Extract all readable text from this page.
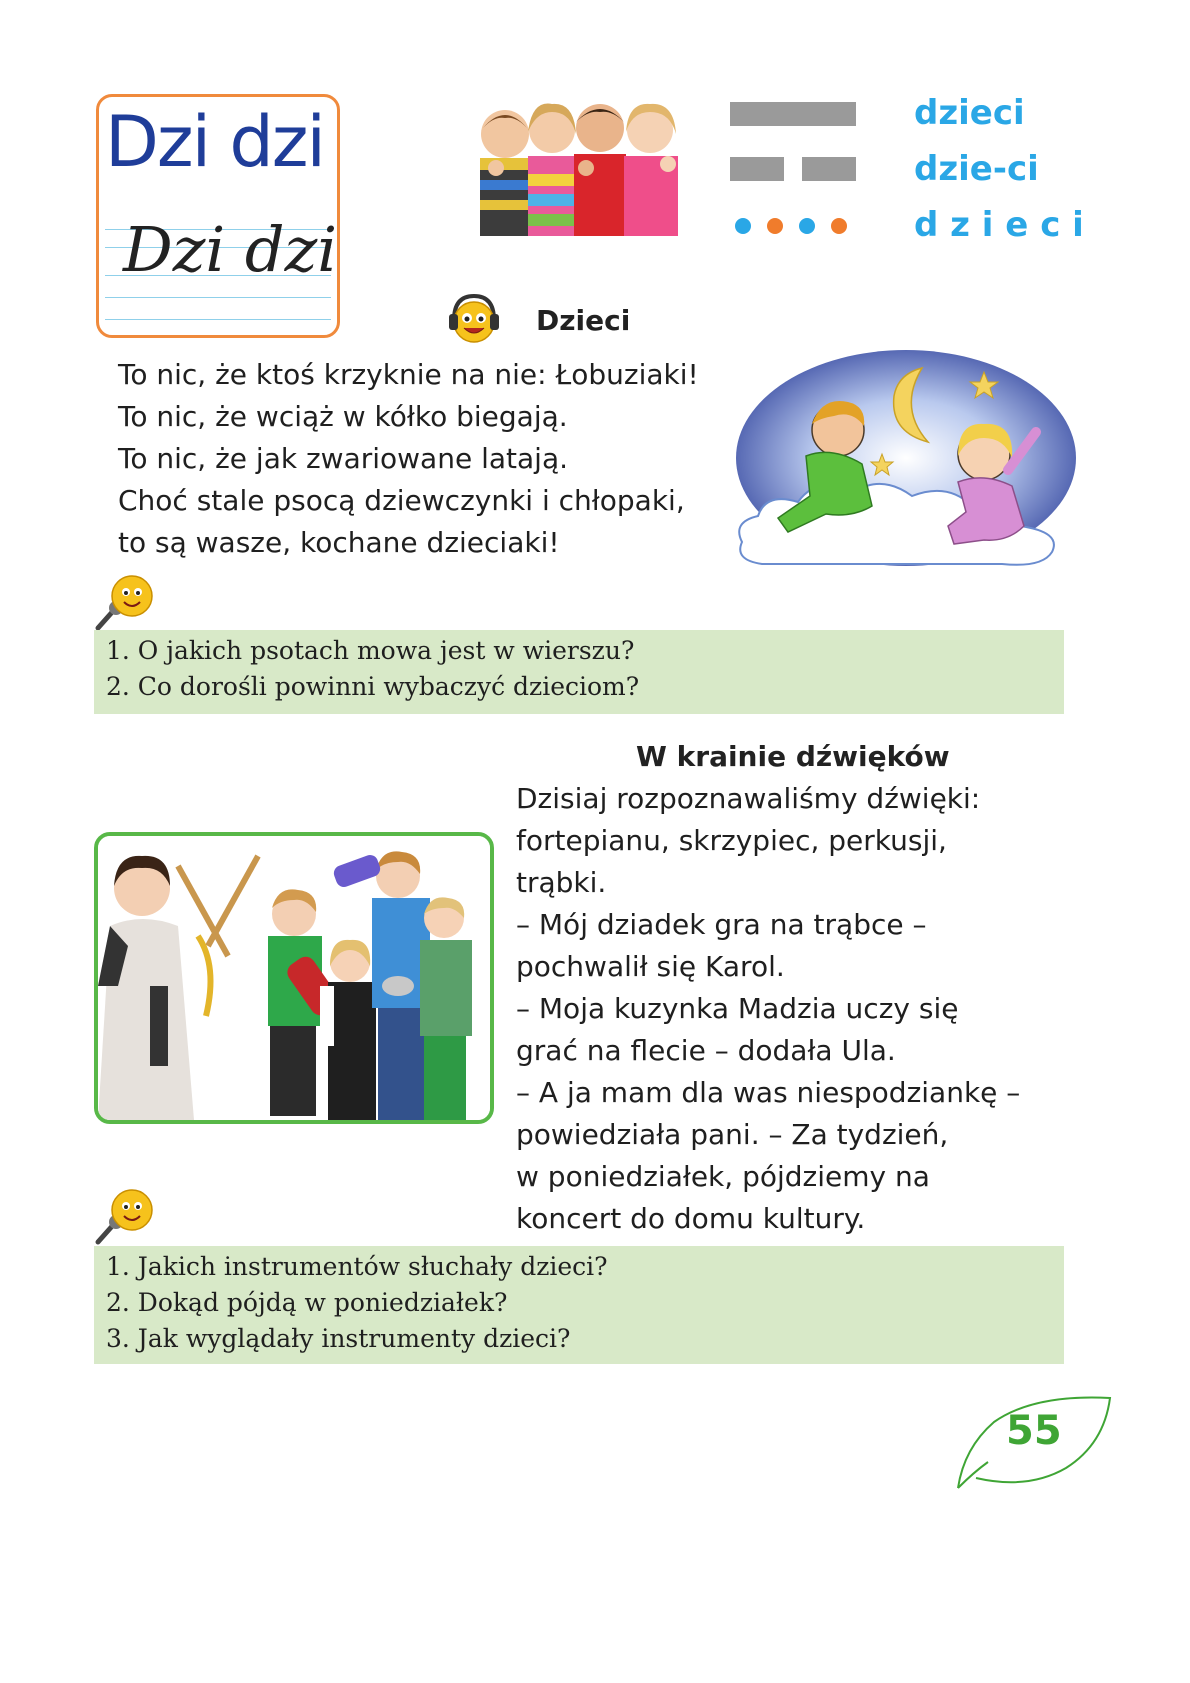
Dzi dzi
Dzi dzi
dzieci
dzie-ci
d z i e c i
Dzieci
To nic, że ktoś krzyknie na nie: Łobuziaki!
To nic, że wciąż w kółko biegają.
To nic, że jak zwariowane latają.
Choć stale psocą dziewczynki i chłopaki,
to są wasze, kochane dzieciaki!
1. O jakich psotach mowa jest w wierszu?
2. Co dorośli powinni wybaczyć dzieciom?
W krainie dźwięków
Dzisiaj rozpoznawaliśmy dźwięki:
fortepianu, skrzypiec, perkusji,
trąbki.
– Mój dziadek gra na trąbce –
pochwalił się Karol.
– Moja kuzynka Madzia uczy się
grać na flecie – dodała Ula.
– A ja mam dla was niespodziankę –
powiedziała pani. – Za tydzień,
w poniedziałek, pójdziemy na
koncert do domu kultury.
1. Jakich instrumentów słuchały dzieci?
2. Dokąd pójdą w poniedziałek?
3. Jak wyglądały instrumenty dzieci?
55
